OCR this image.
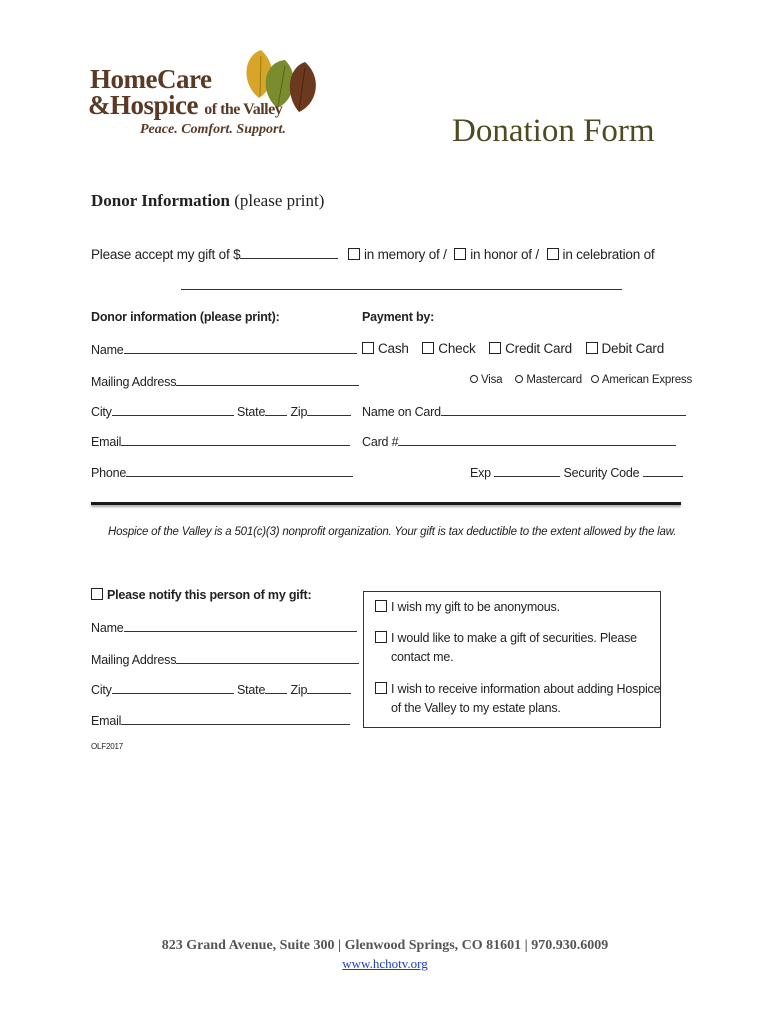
HomeCare
&Hospice of the Valley
Peace. Comfort. Support.	Donation Form
Donor Information (please print)
Please accept my gift of $	in memory of / in honor of / in celebration of
Donor information (please print):
Name
Mailing Address
City	State Zip
Email
Phone
Payment by:
Cash Check Credit Card Debit Card
Visa Mastercard American Express
Name on Card
Card #
Exp	Security Code
Hospice of the Valley is a 501(c)(3) nonprofit organization. Your gift is tax deductible to the extent allowed by the law.
Please notify this person of my gift:
Name
Mailing Address
City	State Zip
Email
I wish my gift to be anonymous.
I would like to make a gift of securities. Please
contact me.
I wish to receive information about adding Hospice
of the Valley to my estate plans.
OLF2017
823 Grand Avenue, Suite 300 | Glenwood Springs, CO 81601 | 970.930.6009
www.hchotv.org
